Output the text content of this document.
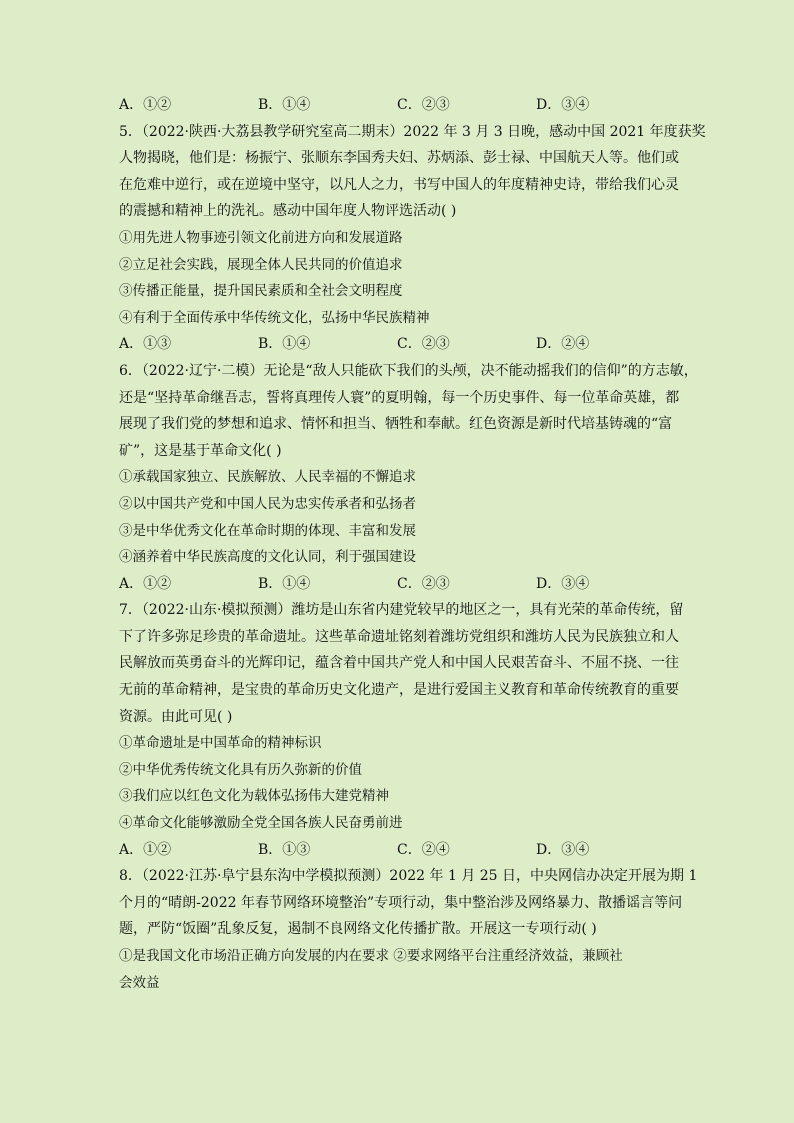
A．①②	B．①④	C．②③	D．③④
5．（2022·陕西·大荔县教学研究室高二期末）2022 年 3 月 3 日晚，感动中国 2021 年度获奖
人物揭晓，他们是：杨振宁、张顺东李国秀夫妇、苏炳添、彭士禄、中国航天人等。他们或
在危难中逆行，或在逆境中坚守，以凡人之力，书写中国人的年度精神史诗，带给我们心灵
的震撼和精神上的洗礼。感动中国年度人物评选活动( )
①用先进人物事迹引领文化前进方向和发展道路
②立足社会实践，展现全体人民共同的价值追求
③传播正能量，提升国民素质和全社会文明程度
④有利于全面传承中华传统文化，弘扬中华民族精神
A．①③	B．①④	C．②③	D．②④
6．（2022·辽宁·二模）无论是“敌人只能砍下我们的头颅，决不能动摇我们的信仰”的方志敏，
还是“坚持革命继吾志，誓将真理传人寰”的夏明翰，每一个历史事件、每一位革命英雄，都
展现了我们党的梦想和追求、情怀和担当、牺牲和奉献。红色资源是新时代培基铸魂的“富
矿”，这是基于革命文化( )
①承载国家独立、民族解放、人民幸福的不懈追求
②以中国共产党和中国人民为忠实传承者和弘扬者
③是中华优秀文化在革命时期的体现、丰富和发展
④涵养着中华民族高度的文化认同，利于强国建设
A．①②	B．①④	C．②③	D．③④
7．（2022·山东·模拟预测）潍坊是山东省内建党较早的地区之一，具有光荣的革命传统，留
下了许多弥足珍贵的革命遗址。这些革命遗址铭刻着潍坊党组织和潍坊人民为民族独立和人
民解放而英勇奋斗的光辉印记，蕴含着中国共产党人和中国人民艰苦奋斗、不屈不挠、一往
无前的革命精神，是宝贵的革命历史文化遗产，是进行爱国主义教育和革命传统教育的重要
资源。由此可见( )
①革命遗址是中国革命的精神标识
②中华优秀传统文化具有历久弥新的价值
③我们应以红色文化为载体弘扬伟大建党精神
④革命文化能够激励全党全国各族人民奋勇前进
A．①②	B．①③	C．②④	D．③④
8．（2022·江苏·阜宁县东沟中学模拟预测）2022 年 1 月 25 日，中央网信办决定开展为期 1
个月的“晴朗-2022 年春节网络环境整治”专项行动，集中整治涉及网络暴力、散播谣言等问
题，严防“饭圈”乱象反复，遏制不良网络文化传播扩散。开展这一专项行动( )
①是我国文化市场沿正确方向发展的内在要求 ②要求网络平台注重经济效益，兼顾社
会效益
